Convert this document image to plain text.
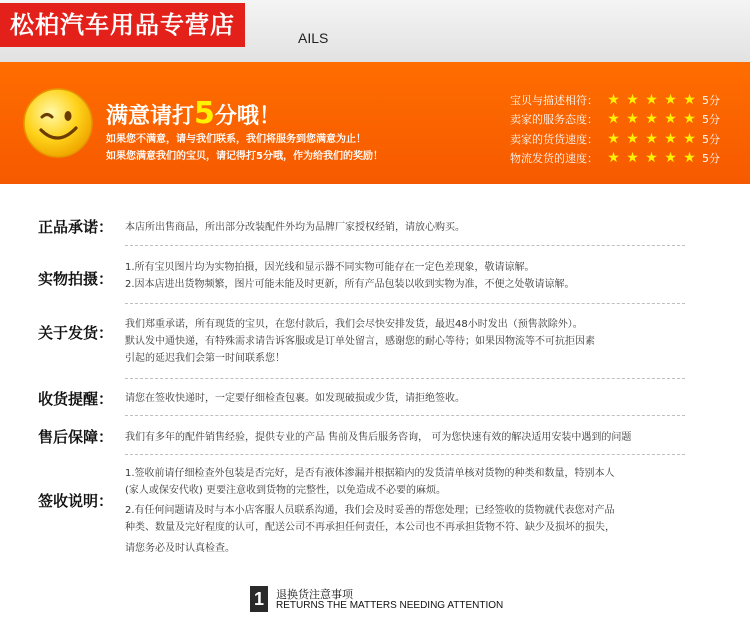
松柏汽车用品专营店	AILS
满意请打5分哦！
如果您不满意，请与我们联系，我们将服务到您满意为止！
如果您满意我们的宝贝，请记得打5分哦，作为给我们的奖励！
宝贝与描述相符： ★ ★ ★ ★ ★ 5分
卖家的服务态度： ★ ★ ★ ★ ★ 5分
卖家的货货速度： ★ ★ ★ ★ ★ 5分
物流发货的速度： ★ ★ ★ ★ ★ 5分
正品承诺： 本店所出售商品，所出部分改装配件外均为品牌厂家授权经销，请放心购买。
实物拍摄：
1.所有宝贝图片均为实物拍摄，因光线和显示器不同实物可能存在一定色差现象，敬请谅解。
2.因本店进出货物频繁，图片可能未能及时更新，所有产品包装以收到实物为准，不便之处敬请谅解。
关于发货： 我们郑重承诺，所有现货的宝贝，在您付款后，我们会尽快安排发货，最迟48小时发出（预售款除外）。
默认发中通快递，有特殊需求请告诉客服或是订单处留言，感谢您的耐心等待；如果因物流等不可抗拒因素
引起的延迟我们会第一时间联系您！
收货提醒： 请您在签收快递时，一定要仔细检查包裹。如发现破损或少货，请拒绝签收。
售后保障： 我们有多年的配件销售经验，提供专业的产品 售前及售后服务咨询， 可为您快速有效的解决适用安装中遇到的问题
签收说明：
1.签收前请仔细检查外包装是否完好，是否有液体渗漏并根据箱内的发货清单核对货物的种类和数量，特别本人
(家人或保安代收) 更要注意收到货物的完整性，以免造成不必要的麻烦。
2.有任何问题请及时与本小店客服人员联系沟通，我们会及时妥善的帮您处理；已经签收的货物就代表您对产品
种类、数量及完好程度的认可，配送公司不再承担任何责任，本公司也不再承担货物不符、缺少及损坏的损失，
请您务必及时认真检查。
1	退换货注意事项
RETURNS THE MATTERS NEEDING ATTENTION
